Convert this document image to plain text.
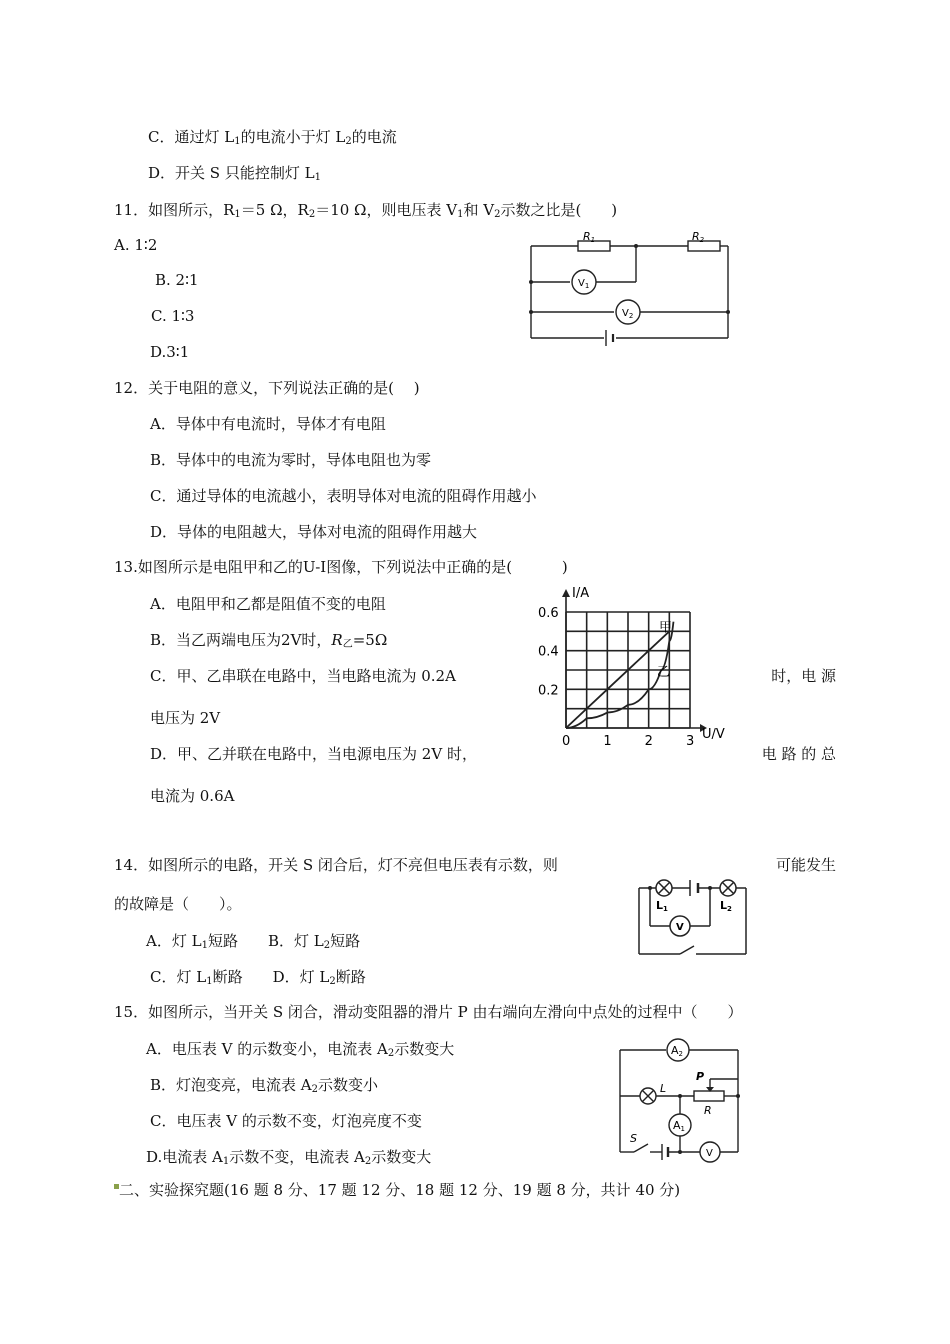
C．通过灯 $L_1$的电流小于灯 $L_2$的电流
D．开关 S 只能控制灯 $L_1$
11．如图所示，$R_1=5$ Ω，$R_2=10$ Ω，则电压表 $V_1$和 $V_2$示数之比是(　　)
A. 1∶2
B. 2∶1
C. 1∶3
D.3∶1
R1	R2
$V_1$
$V_2$
12．关于电阻的意义，下列说法正确的是(　 )
A．导体中有电流时，导体才有电阻
B．导体中的电流为零时，导体电阻也为零
C．通过导体的电流越小，表明导体对电流的阻碍作用越小
D．导体的电阻越大，导体对电流的阻碍作用越大
13.如图所示是电阻甲和乙的U-I图像，下列说法中正确的是(　　　 )
A．电阻甲和乙都是阻值不变的电阻
B．当乙两端电压为2V时，$R_乙=5\Omega$
C．甲、乙串联在电路中，当电路电流为 0.2A	时，电 源
电压为 2V
D．甲、乙并联在电路中，当电源电压为 2V 时，	电 路 的 总
电流为 0.6A
I/A
U/V
0	1	2	3
0.2
0.4
0.6
甲
乙
14．如图所示的电路，开关 S 闭合后，灯不亮但电压表有示数，则	可能发生
的故障是（　　）。
A．灯 $L_1$短路　　B．灯 $L_2$短路
C．灯 $L_1$断路　　D．灯 $L_2$断路
L1	L2
V
15．如图所示，当开关 S 闭合，滑动变阻器的滑片 P 由右端向左滑向中点处的过程中（　　）
A．电压表 V 的示数变小，电流表 $A_2$示数变大
B．灯泡变亮，电流表 $A_2$示数变小
C．电压表 V 的示数不变，灯泡亮度不变
D.电流表 $A_1$示数不变，电流表 $A_2$示数变大
A2
A1
L
P
R
S
V
二、实验探究题(16 题 8 分、17 题 12 分、18 题 12 分、19 题 8 分，共计 40 分)
